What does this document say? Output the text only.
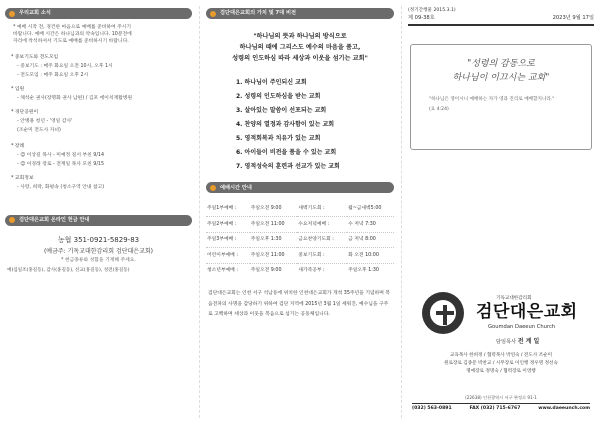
우리교회 소식
* 예배 시작 전, 경건한 마음으로 예배를 준비하여 주시기
바랍니다. 예배 시간은 하나님과의 약속입니다. 10분전에
자리에 착석하셔서 기도로 예배를 준비하시기 바랍니다.
* 중보기도와 전도모임
- 중보기도 : 매주 화요일 오전 10시, 오후 1시
- 전도모임 : 매주 화요일 오후 2시
* 입원
- 채석순 권사(장명화 권사 남편) / 김포 에이치재활병원
* 경단공원이
- 안병용 청년 - '영일 감사'
(조순미 전도사 자녀)
* 장례
- ☺ 이상길 목사 - 미예정 질서 부친 9/14
- ☺ 이경래 장로 - 전계일 목사 모친 9/15
* 교회정보
- 사랑, 희락, 화평속 (청소구역 안내 참고)
검단대은교회 온라인 헌금 안내
농협 351-0921-5829-83
(예금주: 기독교대한감리회 검단대은교회)
* 헌금종류와 성함을 기재해 주세요.
예)십일조(홍길동), 감사(홍길동), 선교(홍길동), 성전(홍길동)
검단대은교회의 가치 및 7대 비전
"하나님의 뜻과 하나님의 방식으로
하나님의 때에 그리스도 예수의 마음을 품고,
성령의 인도하심 따라 세상과 이웃을 섬기는 교회"
1. 하나님이 주인되신 교회
2. 성령의 인도하심을 받는 교회
3. 살아있는 말씀이 선포되는 교회
4. 찬양의 열정과 감사함이 있는 교회
5. 영적회복과 치유가 있는 교회
6. 아이들이 비전을 품을 수 있는 교회
7. 영적성숙의 훈련과 선교가 있는 교회
예배시간 안내
주일1부예배 :	주일오전 9:00	새벽기도회 :	월~금새벽5:00
주일2부예배 :	주일오전 11:00	수요저녁예배 :	수 저녁 7:30
주일3부예배 :	주일오후 1:30	금요찬양기도회 :	금 저녁 8:00
어린이부예배 :	주일오전 11:00	중보기도회 :	화 오전 10:00
청소년부예배 :	주일오전 9:00	새가족공부 :	주일오후 1:30
검단대은교회는 인천 서구 석남동에 위치한 인천대은교회가 개척 35주년을 기념하며 복음전파의 사명을 감당하기 위하여 검단 지역에 2015년 3월 1일 세워진, 예수님을 구주로 고백하며 세상과 이웃을 복음으로 섬기는 공동체입니다.
(정기간행물 2015.3.1)
제 09-38호	2023년 9월 17일
"성령의 감동으로
하나님이 이끄시는 교회"
"하나님은 영이시니 예배하는 자가 영과 진리로 예배할지니라."
(요 4:24)
기독교대한감리회
검단대은교회
Goumdan Daeeun Church
담임목사 전 계 일
교육목사 한희정 / 협력목사 박연숙 / 전도사 조순미
원로장로 김종문 박찬교 / 시무장로 이인행 정우명 정선숙
명예장로 정명숙 / 협력장로 이영행
(22638) 인천광역시 서구 완정로 91-1
(032) 563-0891	FAX (032) 715-6767	www.daeeunch.com
